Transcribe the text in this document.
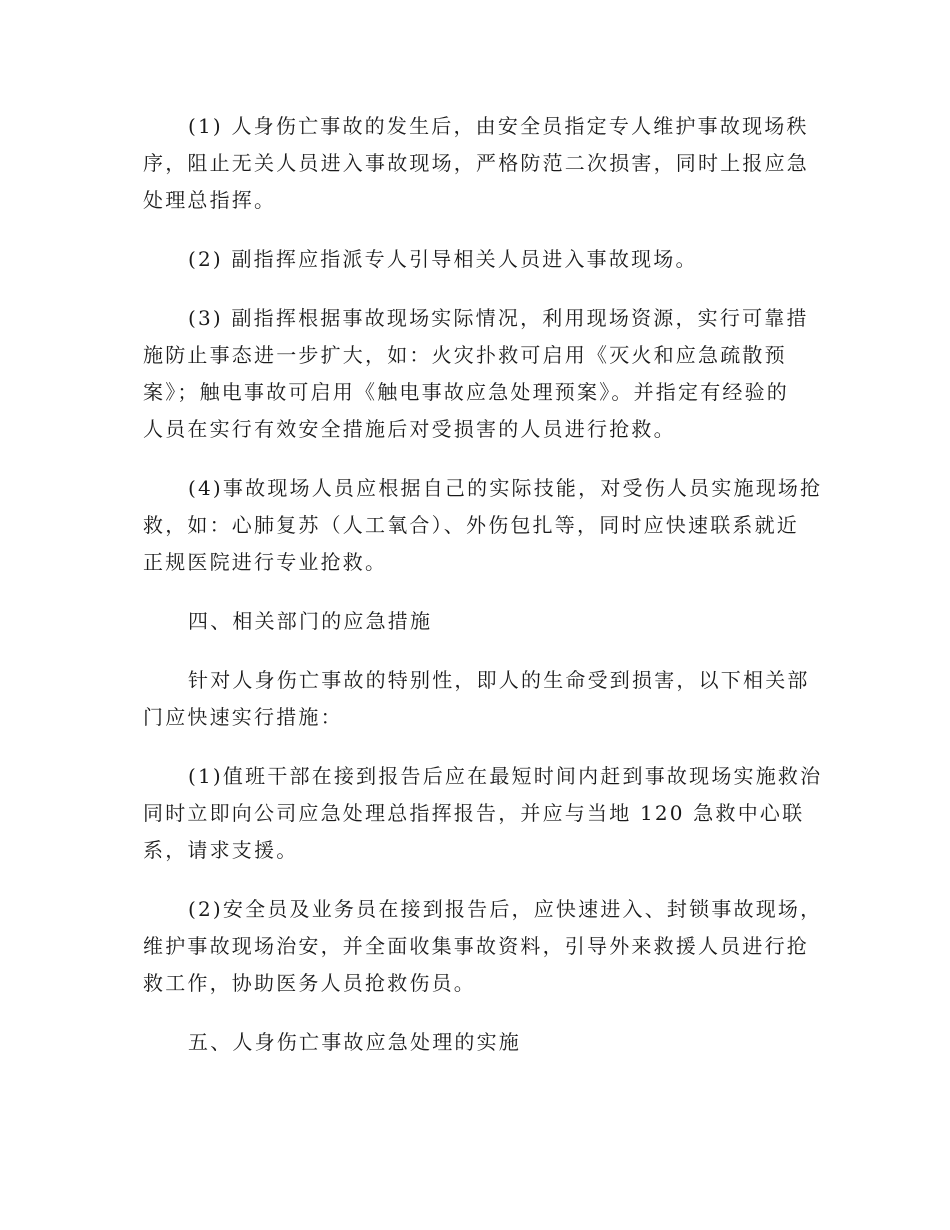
(1) 人身伤亡事故的发生后，由安全员指定专人维护事故现场秩
序，阻止无关人员进入事故现场，严格防范二次损害，同时上报应急
处理总指挥。

(2) 副指挥应指派专人引导相关人员进入事故现场。

(3) 副指挥根据事故现场实际情况，利用现场资源，实行可靠措
施防止事态进一步扩大，如：火灾扑救可启用《灭火和应急疏散预
案》；触电事故可启用《触电事故应急处理预案》。并指定有经验的
人员在实行有效安全措施后对受损害的人员进行抢救。

(4)事故现场人员应根据自己的实际技能，对受伤人员实施现场抢
救，如：心肺复苏（人工氧合）、外伤包扎等，同时应快速联系就近
正规医院进行专业抢救。

四、相关部门的应急措施

针对人身伤亡事故的特别性，即人的生命受到损害，以下相关部
门应快速实行措施：

(1)值班干部在接到报告后应在最短时间内赶到事故现场实施救治
同时立即向公司应急处理总指挥报告，并应与当地 120 急救中心联
系，请求支援。

(2)安全员及业务员在接到报告后，应快速进入、封锁事故现场，
维护事故现场治安，并全面收集事故资料，引导外来救援人员进行抢
救工作，协助医务人员抢救伤员。

五、人身伤亡事故应急处理的实施
